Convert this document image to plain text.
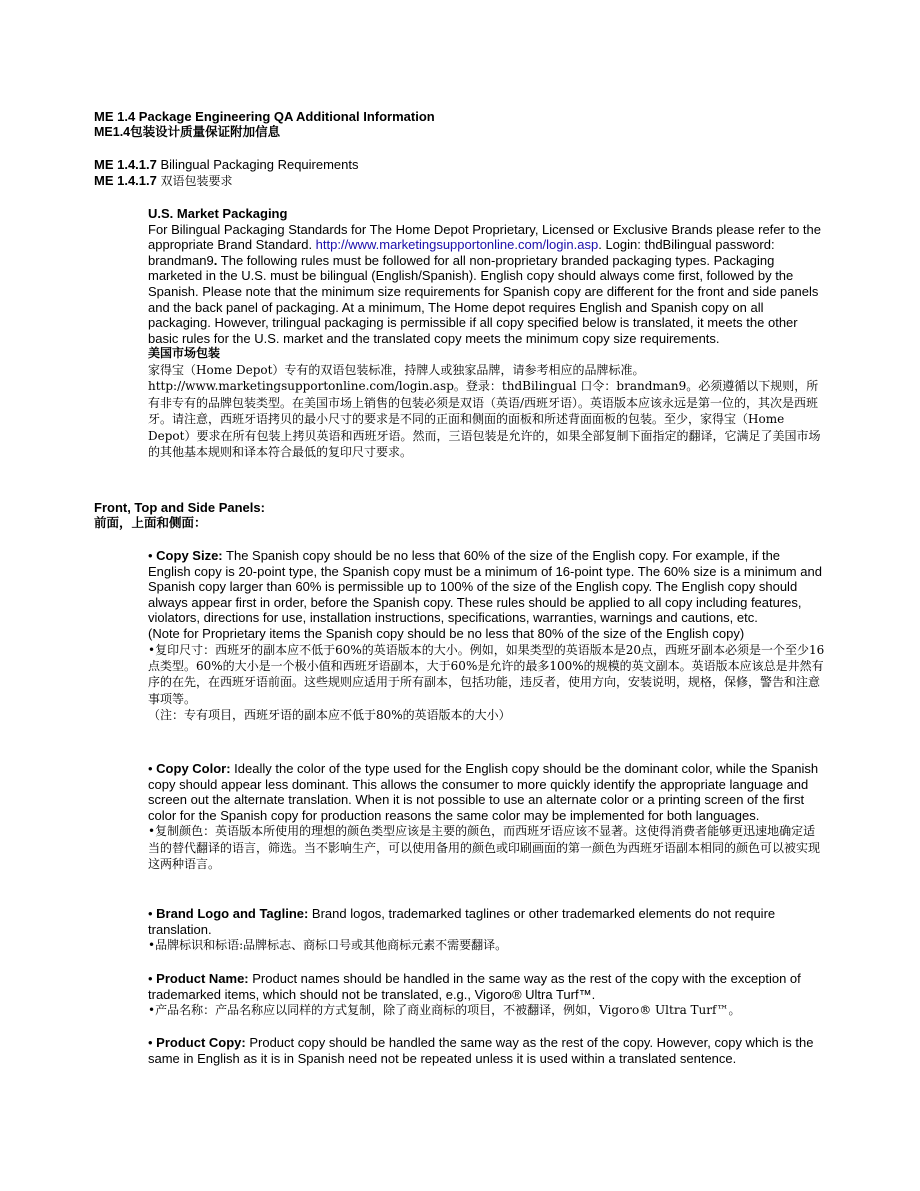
ME 1.4 Package Engineering QA Additional Information

ME1.4包装设计质量保证附加信息

ME 1.4.1.7 Bilingual Packaging Requirements

ME 1.4.1.7 双语包装要求

U.S. Market Packaging

For Bilingual Packaging Standards for The Home Depot Proprietary, Licensed or Exclusive Brands please refer to the appropriate Brand Standard. http://www.marketingsupportonline.com/login.asp. Login: thdBilingual password: brandman9. The following rules must be followed for all non-proprietary branded packaging types. Packaging marketed in the U.S. must be bilingual (English/Spanish). English copy should always come first, followed by the Spanish. Please note that the minimum size requirements for Spanish copy are different for the front and side panels and the back panel of packaging. At a minimum, The Home depot requires English and Spanish copy on all packaging. However, trilingual packaging is permissible if all copy specified below is translated, it meets the other basic rules for the U.S. market and the translated copy meets the minimum copy size requirements.

美国市场包装

家得宝（Home Depot）专有的双语包装标准，持牌人或独家品牌，请参考相应的品牌标准。http://www.marketingsupportonline.com/login.asp。登录：thdBilingual 口令：brandman9。必须遵循以下规则，所有非专有的品牌包装类型。在美国市场上销售的包装必须是双语（英语/西班牙语）。英语版本应该永远是第一位的，其次是西班牙。请注意，西班牙语拷贝的最小尺寸的要求是不同的正面和侧面的面板和所述背面面板的包装。至少，家得宝（Home Depot）要求在所有包装上拷贝英语和西班牙语。然而，三语包装是允许的，如果全部复制下面指定的翻译，它满足了美国市场的其他基本规则和译本符合最低的复印尺寸要求。

Front, Top and Side Panels:

前面，上面和侧面：

• Copy Size: The Spanish copy should be no less that 60% of the size of the English copy. For example, if the English copy is 20-point type, the Spanish copy must be a minimum of 16-point type. The 60% size is a minimum and Spanish copy larger than 60% is permissible up to 100% of the size of the English copy. The English copy should always appear first in order, before the Spanish copy. These rules should be applied to all copy including features, violators, directions for use, installation instructions, specifications, warranties, warnings and cautions, etc.

(Note for Proprietary items the Spanish copy should be no less that 80% of the size of the English copy)

•复印尺寸：西班牙的副本应不低于60%的英语版本的大小。例如，如果类型的英语版本是20点，西班牙副本必须是一个至少16点类型。60%的大小是一个极小值和西班牙语副本，大于60%是允许的最多100%的规模的英文副本。英语版本应该总是井然有序的在先，在西班牙语前面。这些规则应适用于所有副本，包括功能，违反者，使用方向，安装说明，规格，保修，警告和注意事项等。

（注：专有项目，西班牙语的副本应不低于80%的英语版本的大小）

• Copy Color: Ideally the color of the type used for the English copy should be the dominant color, while the Spanish copy should appear less dominant. This allows the consumer to more quickly identify the appropriate language and screen out the alternate translation. When it is not possible to use an alternate color or a printing screen of the first color for the Spanish copy for production reasons the same color may be implemented for both languages.

•复制颜色：英语版本所使用的理想的颜色类型应该是主要的颜色，而西班牙语应该不显著。这使得消费者能够更迅速地确定适当的替代翻译的语言，筛选。当不影响生产，可以使用备用的颜色或印刷画面的第一颜色为西班牙语副本相同的颜色可以被实现这两种语言。

• Brand Logo and Tagline: Brand logos, trademarked taglines or other trademarked elements do not require translation.

•品牌标识和标语:品牌标志、商标口号或其他商标元素不需要翻译。

• Product Name: Product names should be handled in the same way as the rest of the copy with the exception of trademarked items, which should not be translated, e.g., Vigoro® Ultra Turf™.

•产品名称：产品名称应以同样的方式复制，除了商业商标的项目，不被翻译，例如，Vigoro® Ultra Turf™。

• Product Copy: Product copy should be handled the same way as the rest of the copy. However, copy which is the same in English as it is in Spanish need not be repeated unless it is used within a translated sentence.
